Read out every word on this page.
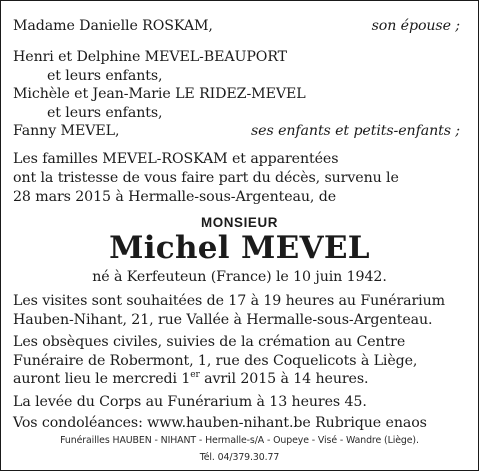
Madame Danielle ROSKAM,	son épouse ;
Henri et Delphine MEVEL-BEAUPORT
et leurs enfants,
Michèle et Jean-Marie LE RIDEZ-MEVEL
et leurs enfants,
Fanny MEVEL,	ses enfants et petits-enfants ;
Les familles MEVEL-ROSKAM et apparentées
ont la tristesse de vous faire part du décès, survenu le
28 mars 2015 à Hermalle-sous-Argenteau, de
MONSIEUR
Michel MEVEL
né à Kerfeuteun (France) le 10 juin 1942.
Les visites sont souhaitées de 17 à 19 heures au Funérarium
Hauben-Nihant, 21, rue Vallée à Hermalle-sous-Argenteau.
Les obsèques civiles, suivies de la crémation au Centre
Funéraire de Robermont, 1, rue des Coquelicots à Liège,
auront lieu le mercredi 1er avril 2015 à 14 heures.
La levée du Corps au Funérarium à 13 heures 45.
Vos condoléances: www.hauben-nihant.be Rubrique enaos
Funérailles HAUBEN - NIHANT - Hermalle-s/A - Oupeye - Visé - Wandre (Liège).
Tél. 04/379.30.77
